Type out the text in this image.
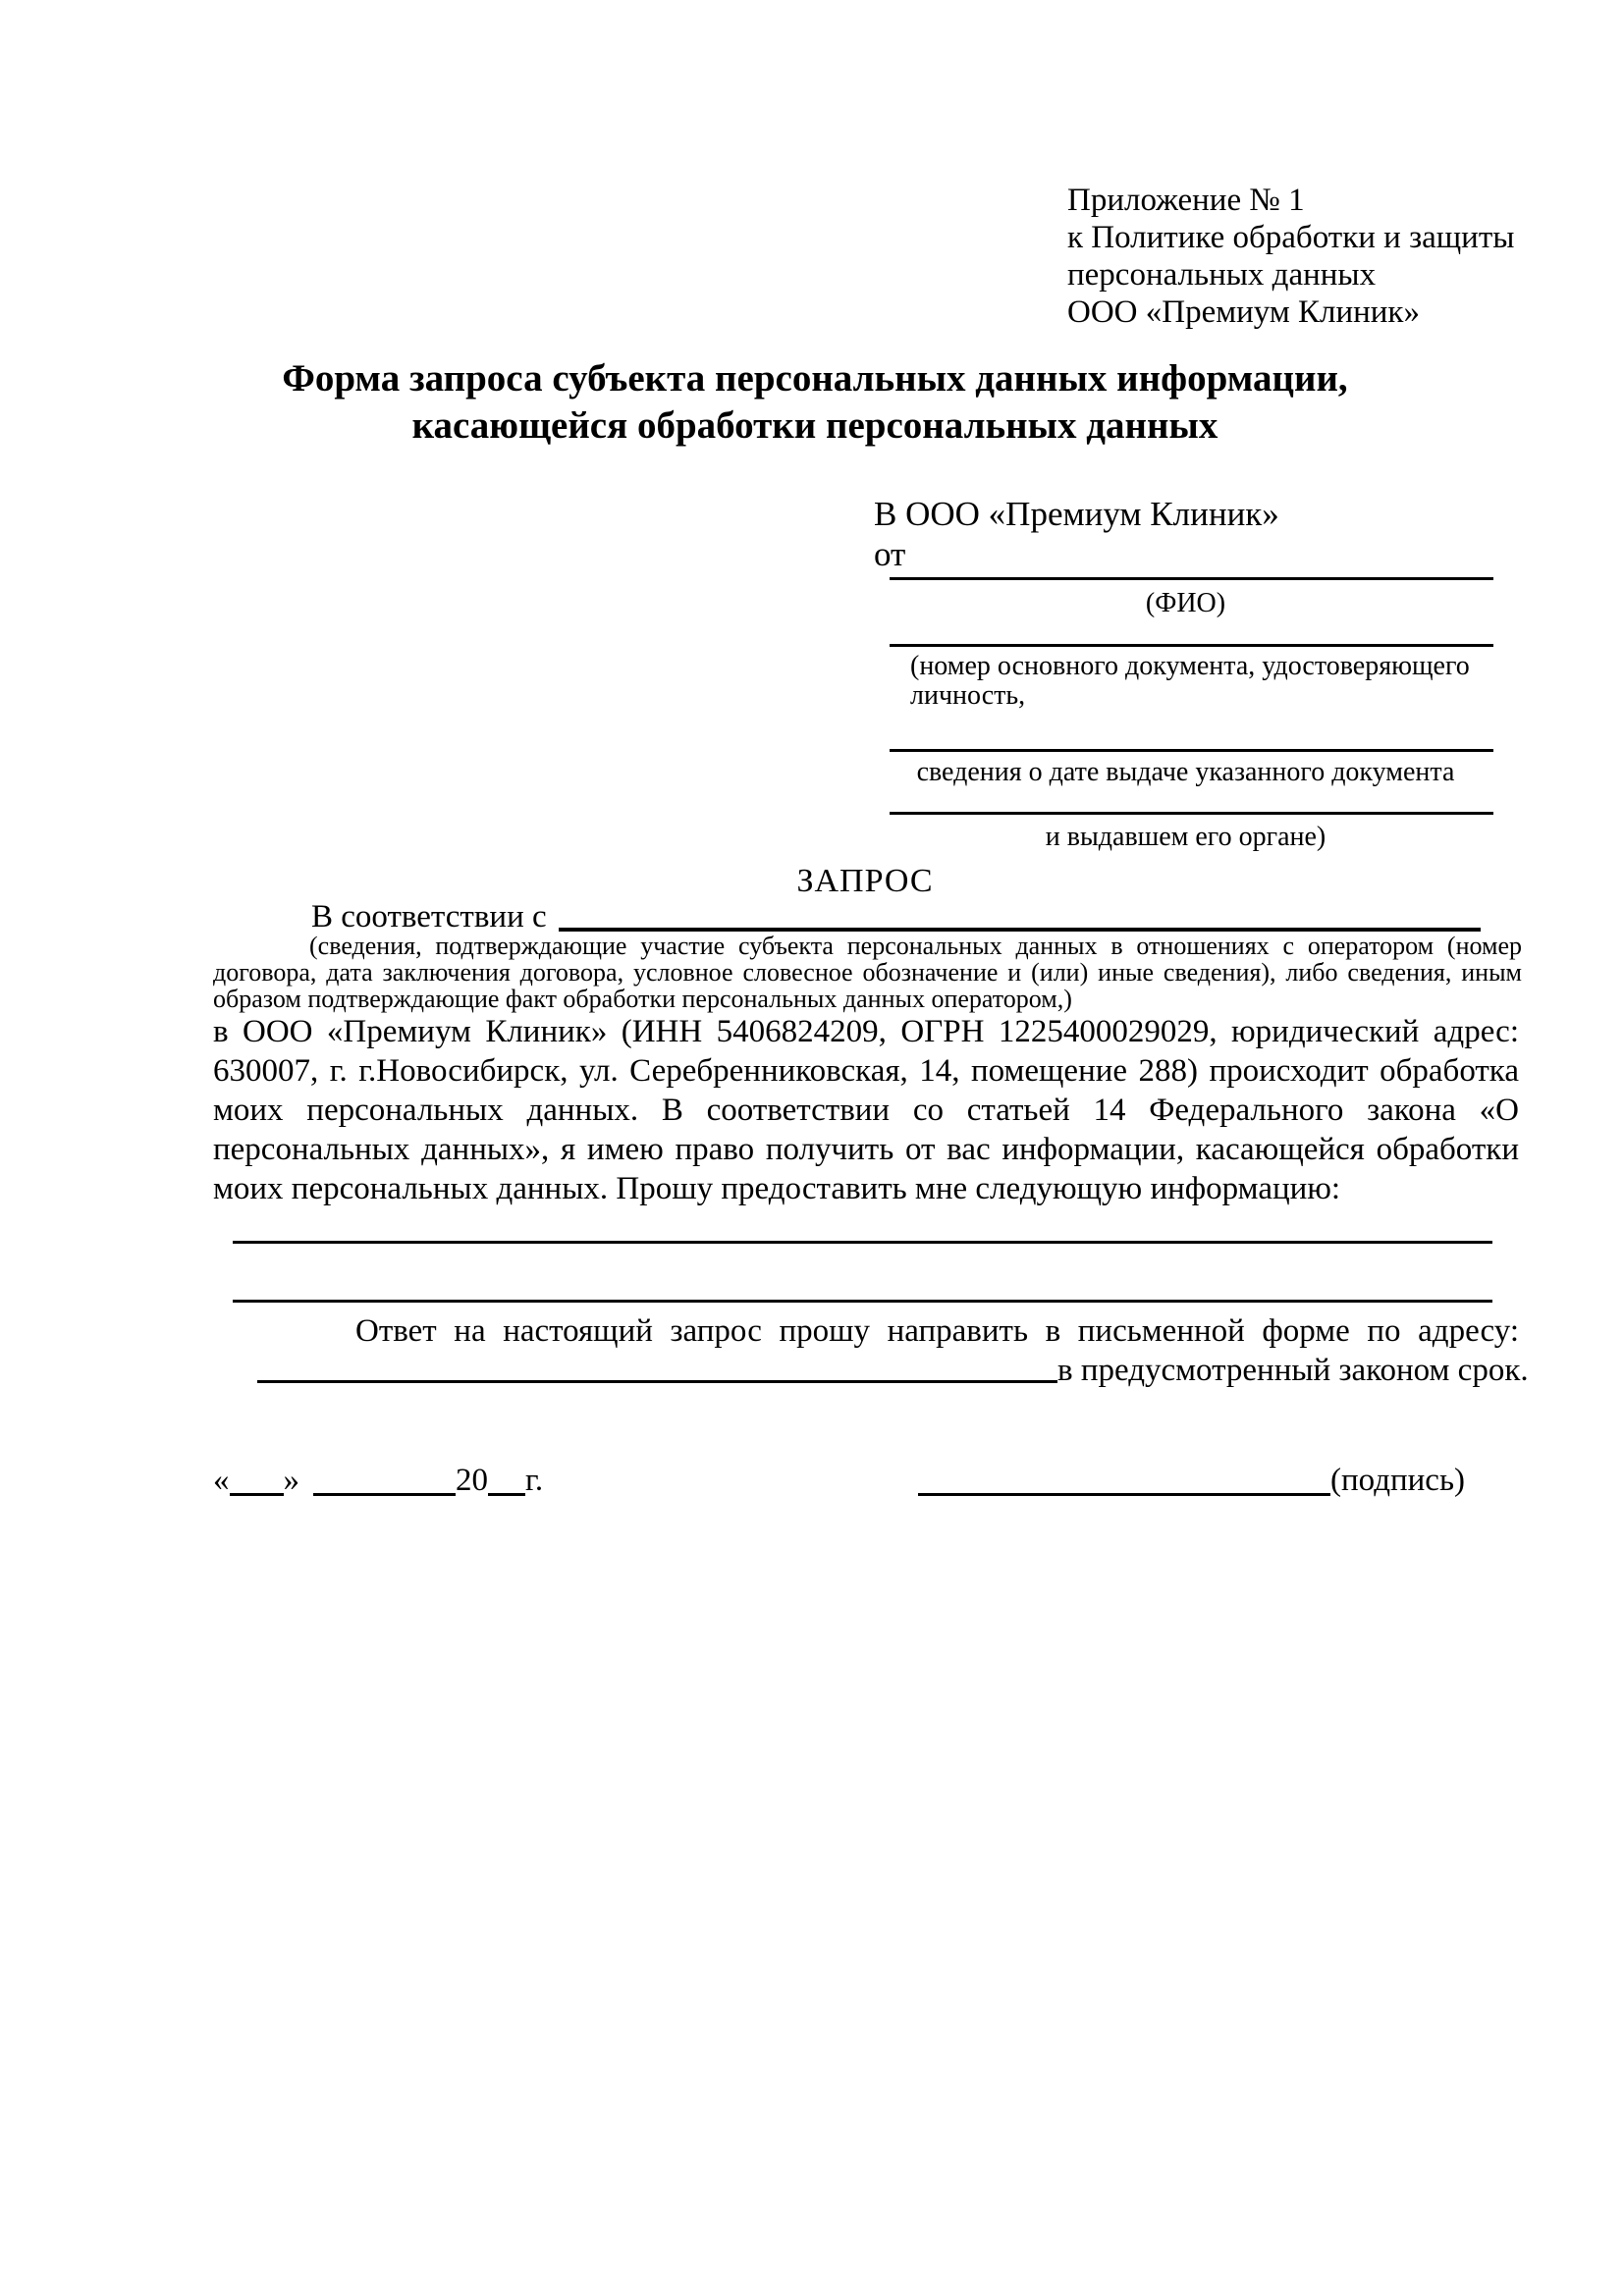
Приложение № 1
к Политике обработки и защиты
персональных данных
ООО «Премиум Клиник»
Форма запроса субъекта персональных данных информации,
касающейся обработки персональных данных
В ООО «Премиум Клиник»
от
(ФИО)
(номер основного документа, удостоверяющего личность,
сведения о дате выдаче указанного документа
и выдавшем его органе)
ЗАПРОС
В соответствии с
(сведения, подтверждающие участие субъекта персональных данных в отношениях с оператором (номер договора, дата заключения договора, условное словесное обозначение и (или) иные сведения), либо сведения, иным образом подтверждающие факт обработки персональных данных оператором,)
в ООО «Премиум Клиник» (ИНН 5406824209, ОГРН 1225400029029, юридический адрес: 630007, г. г.Новосибирск, ул. Серебренниковская, 14, помещение 288) происходит обработка моих персональных данных. В соответствии со статьей 14 Федерального закона «О персональных данных», я имею право получить от вас информации, касающейся обработки моих персональных данных. Прошу предоставить мне следующую информацию:
Ответ на настоящий запрос прошу направить в письменной форме по адресу:
в предусмотренный законом срок.
« »	20 г.	(подпись)
